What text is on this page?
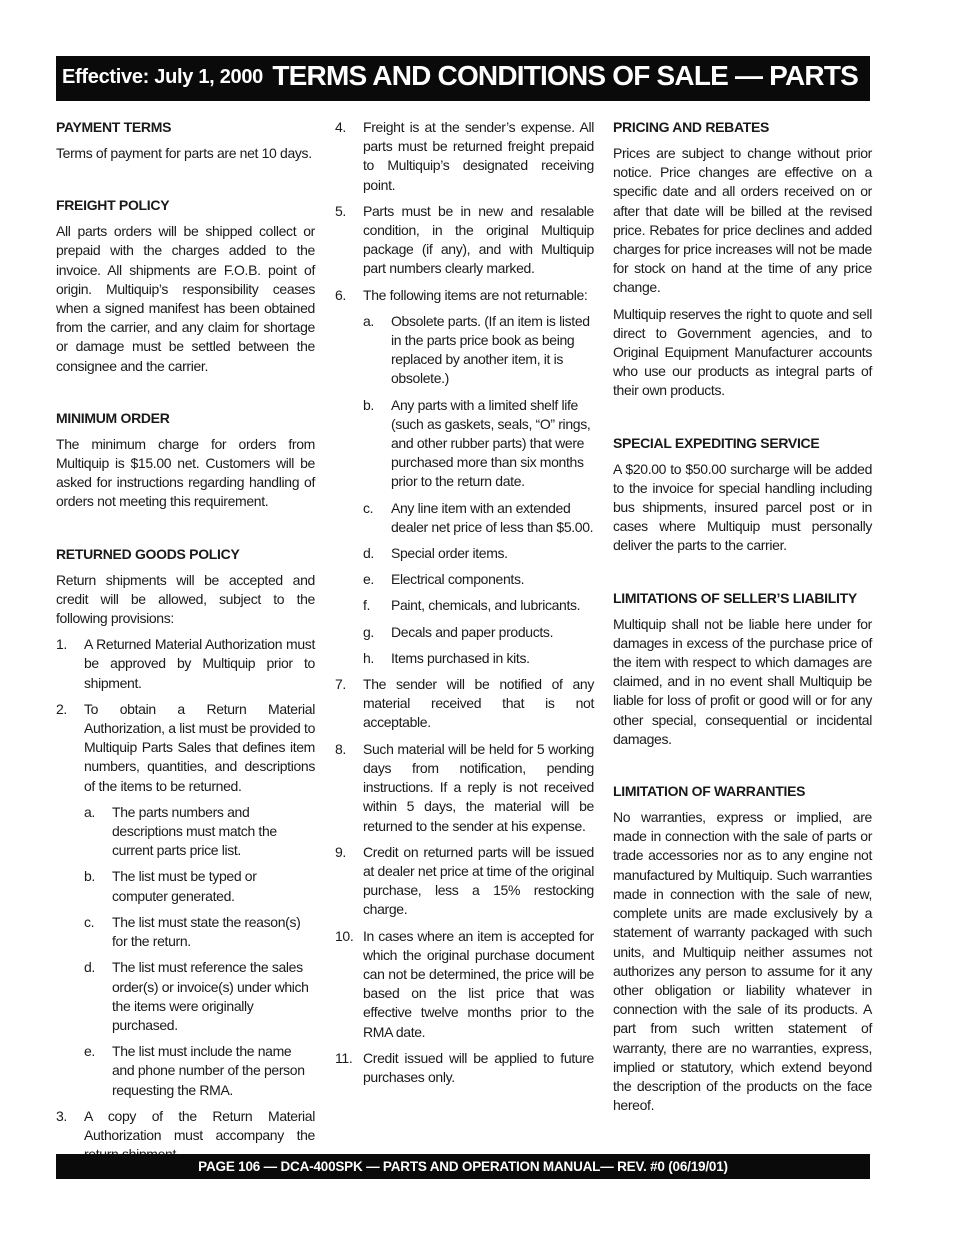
Effective: July 1, 2000 TERMS AND CONDITIONS OF SALE — PARTS
PAYMENT TERMS

Terms of payment for parts are net 10 days.

FREIGHT POLICY

All parts orders will be shipped collect or prepaid with the charges added to the invoice. All shipments are F.O.B. point of origin. Multiquip’s responsibility ceases when a signed manifest has been obtained from the carrier, and any claim for shortage or damage must be settled between the consignee and the carrier.

MINIMUM ORDER

The minimum charge for orders from Multiquip is $15.00 net. Customers will be asked for instructions regarding handling of orders not meeting this requirement.

RETURNED GOODS POLICY

Return shipments will be accepted and credit will be allowed, subject to the following provisions:

1. A Returned Material Authorization must be approved by Multiquip prior to shipment.
2. To obtain a Return Material Authorization, a list must be provided to Multiquip Parts Sales that defines item numbers, quantities, and descriptions of the items to be returned.
a. The parts numbers and descriptions must match the current parts price list.
b. The list must be typed or computer generated.
c. The list must state the reason(s) for the return.
d. The list must reference the sales order(s) or invoice(s) under which the items were originally purchased.
e. The list must include the name and phone number of the person requesting the RMA.
3. A copy of the Return Material Authorization must accompany the
4. Freight is at the sender’s expense. All parts must be returned freight prepaid to Multiquip’s designated receiving point.
5. Parts must be in new and resalable condition, in the original Multiquip package (if any), and with Multiquip part numbers clearly marked.
6. The following items are not returnable:
a. Obsolete parts. (If an item is listed in the parts price book as being replaced by another item, it is obsolete.)
b. Any parts with a limited shelf life (such as gaskets, seals, “O” rings, and other rubber parts) that were purchased more than six months prior to the return date.
c. Any line item with an extended dealer net price of less than $5.00.
d. Special order items.
e. Electrical components.
f. Paint, chemicals, and lubricants.
g. Decals and paper products.
h. Items purchased in kits.
7. The sender will be notified of any material received that is not acceptable.
8. Such material will be held for 5 working days from notification, pending instructions. If a reply is not received within 5 days, the material will be returned to the sender at his expense.
9. Credit on returned parts will be issued at dealer net price at time of the original purchase, less a 15% restocking charge.
10. In cases where an item is accepted for which the original purchase document can not be determined, the price will be based on the list price that was effective twelve months prior to the RMA date.
11. Credit issued will be applied to future purchases only.
PRICING AND REBATES

Prices are subject to change without prior notice. Price changes are effective on a specific date and all orders received on or after that date will be billed at the revised price. Rebates for price declines and added charges for price increases will not be made for stock on hand at the time of any price change.

Multiquip reserves the right to quote and sell direct to Government agencies, and to Original Equipment Manufacturer accounts who use our products as integral parts of their own products.

SPECIAL EXPEDITING SERVICE

A $20.00 to $50.00 surcharge will be added to the invoice for special handling including bus shipments, insured parcel post or in cases where Multiquip must personally deliver the parts to the carrier.

LIMITATIONS OF SELLER’S LIABILITY

Multiquip shall not be liable here under for damages in excess of the purchase price of the item with respect to which damages are claimed, and in no event shall Multiquip be liable for loss of profit or good will or for any other special, consequential or incidental damages.

LIMITATION OF WARRANTIES

No warranties, express or implied, are made in connection with the sale of parts or trade accessories nor as to any engine not manufactured by Multiquip. Such warranties made in connection with the sale of new, complete units are made exclusively by a statement of warranty packaged with such units, and Multiquip neither assumes not authorizes any person to assume for it any other obligation or liability whatever in connection with the sale of its products. A part from such written statement of warranty, there are no warranties, express, implied or statutory, which extend beyond the description of the products on the face hereof.

PAGE 106 — DCA-400SPK — PARTS AND OPERATION MANUAL— REV. #0 (06/19/01)
